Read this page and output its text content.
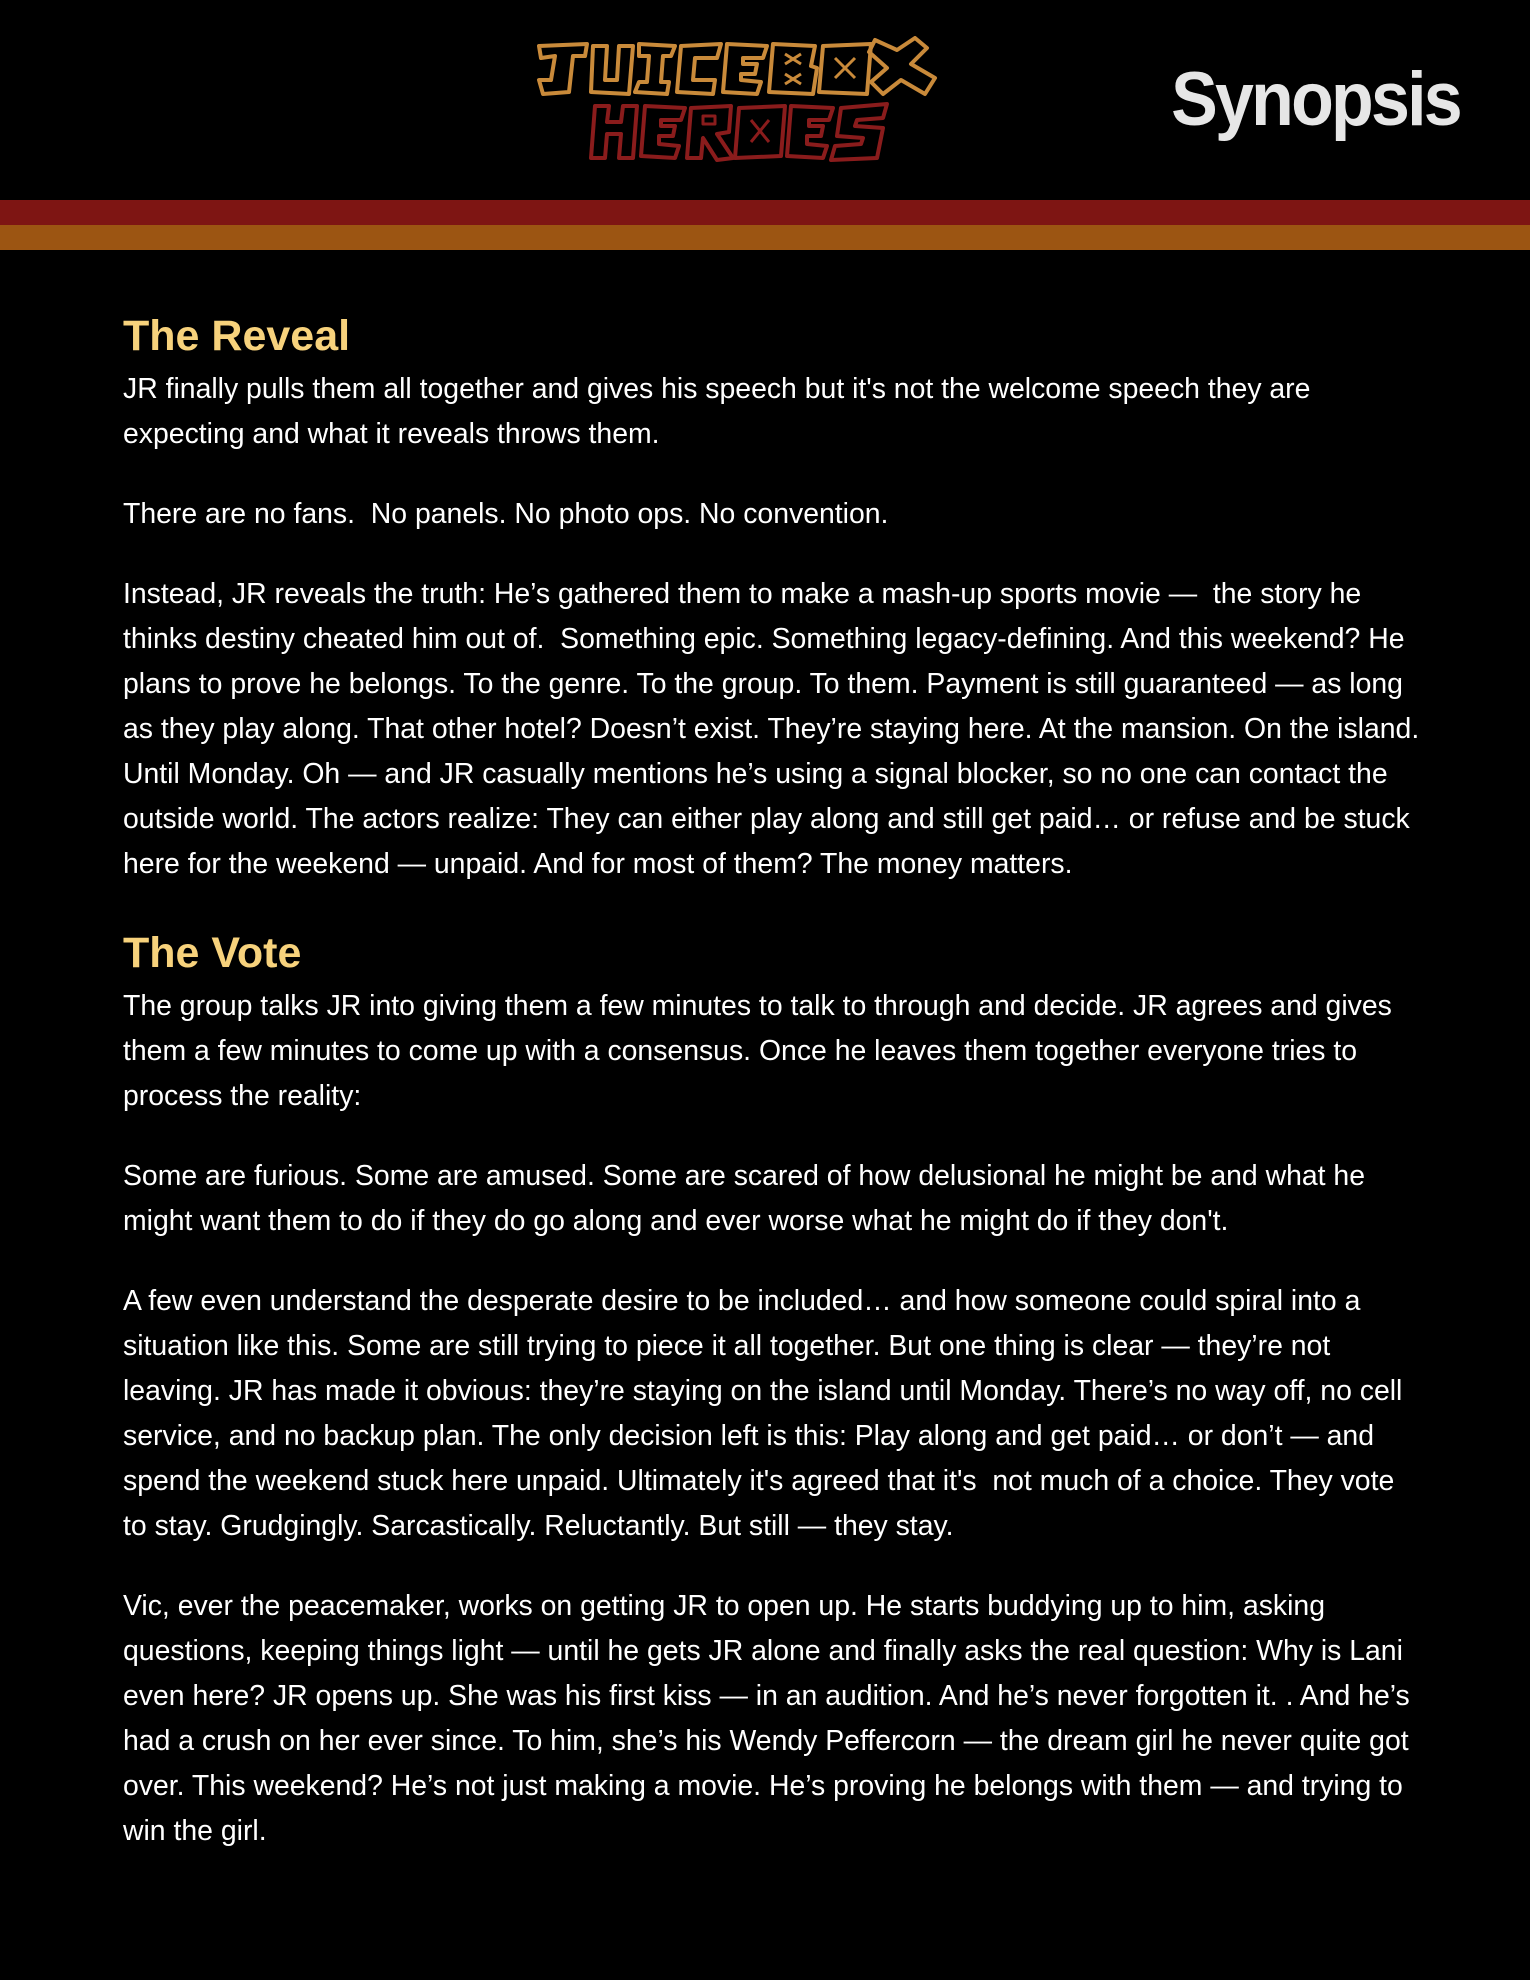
Synopsis
The Reveal

JR finally pulls them all together and gives his speech but it's not the welcome speech they are expecting and what it reveals throws them.

There are no fans.  No panels. No photo ops. No convention.

Instead, JR reveals the truth: He’s gathered them to make a mash-up sports movie —  the story he thinks destiny cheated him out of.  Something epic. Something legacy-defining. And this weekend? He plans to prove he belongs. To the genre. To the group. To them. Payment is still guaranteed — as long as they play along. That other hotel? Doesn’t exist. They’re staying here. At the mansion. On the island. Until Monday. Oh — and JR casually mentions he’s using a signal blocker, so no one can contact the outside world. The actors realize: They can either play along and still get paid… or refuse and be stuck here for the weekend — unpaid. And for most of them? The money matters.

The Vote

The group talks JR into giving them a few minutes to talk to through and decide. JR agrees and gives them a few minutes to come up with a consensus. Once he leaves them together everyone tries to process the reality:

Some are furious. Some are amused. Some are scared of how delusional he might be and what he might want them to do if they do go along and ever worse what he might do if they don't.

A few even understand the desperate desire to be included… and how someone could spiral into a situation like this. Some are still trying to piece it all together. But one thing is clear — they’re not leaving. JR has made it obvious: they’re staying on the island until Monday. There’s no way off, no cell service, and no backup plan. The only decision left is this: Play along and get paid… or don’t — and spend the weekend stuck here unpaid. Ultimately it's agreed that it's  not much of a choice. They vote to stay. Grudgingly. Sarcastically. Reluctantly. But still — they stay.

Vic, ever the peacemaker, works on getting JR to open up. He starts buddying up to him, asking questions, keeping things light — until he gets JR alone and finally asks the real question: Why is Lani even here? JR opens up. She was his first kiss — in an audition. And he’s never forgotten it. . And he’s had a crush on her ever since. To him, she’s his Wendy Peffercorn — the dream girl he never quite got over. This weekend? He’s not just making a movie. He’s proving he belongs with them — and trying to win the girl.
